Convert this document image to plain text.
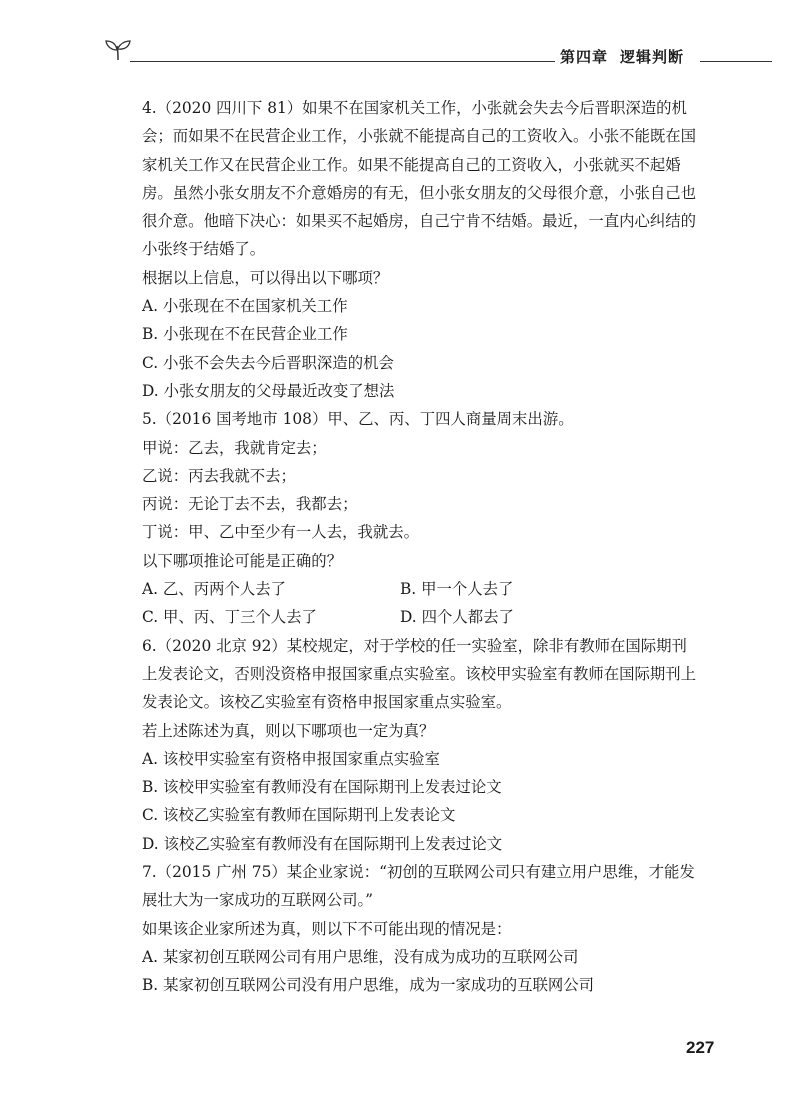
第四章 逻辑判断

4.（2020 四川下 81）如果不在国家机关工作，小张就会失去今后晋职深造的机会；而如果不在民营企业工作，小张就不能提高自己的工资收入。小张不能既在国家机关工作又在民营企业工作。如果不能提高自己的工资收入，小张就买不起婚房。虽然小张女朋友不介意婚房的有无，但小张女朋友的父母很介意，小张自己也很介意。他暗下决心：如果买不起婚房，自己宁肯不结婚。最近，一直内心纠结的小张终于结婚了。

根据以上信息，可以得出以下哪项？

A. 小张现在不在国家机关工作

B. 小张现在不在民营企业工作

C. 小张不会失去今后晋职深造的机会

D. 小张女朋友的父母最近改变了想法

5.（2016 国考地市 108）甲、乙、丙、丁四人商量周末出游。

甲说：乙去，我就肯定去；

乙说：丙去我就不去；

丙说：无论丁去不去，我都去；

丁说：甲、乙中至少有一人去，我就去。

以下哪项推论可能是正确的？

A. 乙、丙两个人去了	B. 甲一个人去了
C. 甲、丙、丁三个人去了	D. 四个人都去了

6.（2020 北京 92）某校规定，对于学校的任一实验室，除非有教师在国际期刊上发表论文，否则没资格申报国家重点实验室。该校甲实验室有教师在国际期刊上发表论文。该校乙实验室有资格申报国家重点实验室。

若上述陈述为真，则以下哪项也一定为真？

A. 该校甲实验室有资格申报国家重点实验室

B. 该校甲实验室有教师没有在国际期刊上发表过论文

C. 该校乙实验室有教师在国际期刊上发表论文

D. 该校乙实验室有教师没有在国际期刊上发表过论文

7.（2015 广州 75）某企业家说：“初创的互联网公司只有建立用户思维，才能发展壮大为一家成功的互联网公司。”

如果该企业家所述为真，则以下不可能出现的情况是：

A. 某家初创互联网公司有用户思维，没有成为成功的互联网公司

B. 某家初创互联网公司没有用户思维，成为一家成功的互联网公司

227
